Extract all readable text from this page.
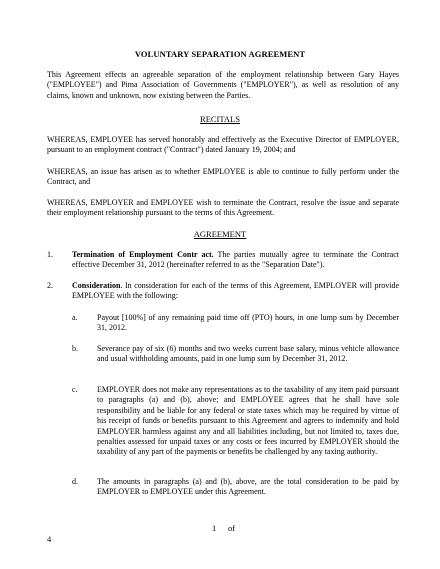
VOLUNTARY SEPARATION AGREEMENT
This Agreement effects an agreeable separation of the employment relationship between Gary Hayes ("EMPLOYEE") and Pima Association of Governments ("EMPLOYER"), as well as resolution of any claims, known and unknown, now existing between the Parties.
RECITALS
WHEREAS, EMPLOYEE has served honorably and effectively as the Executive Director of EMPLOYER, pursuant to an employment contract ("Contract") dated January 19, 2004; and
WHEREAS, an issue has arisen as to whether EMPLOYEE is able to continue to fully perform under the Contract, and
WHEREAS, EMPLOYER and EMPLOYEE wish to terminate the Contract, resolve the issue and separate their employment relationship pursuant to the terms of this Agreement.
AGREEMENT
1.	Termination of Employment Contr act. The parties mutually agree to terminate the Contract effective December 31, 2012 (hereinafter referred to as the "Separation Date").
2.	Consideration. In consideration for each of the terms of this Agreement, EMPLOYER will provide EMPLOYEE with the following:
a.	Payout [100%] of any remaining paid time off (PTO) hours, in one lump sum by December 31, 2012.
b.	Severance pay of six (6) months and two weeks current base salary, minus vehicle allowance and usual withholding amounts, paid in one lump sum by December 31, 2012.
c.	EMPLOYER does not make any representations as to the taxability of any item paid pursuant to paragraphs (a) and (b), above; and EMPLOYEE agrees that he shall have sole responsibility and be liable for any federal or state taxes which may be required by virtue of his receipt of funds or benefits pursuant to this Agreement and agrees to indemnify and hold EMPLOYER harmless against any and all liabilities including, but not limited to, taxes due, penalties assessed for unpaid taxes or any costs or fees incurred by EMPLOYER should the taxability of any part of the payments or benefits be challenged by any taxing authority.
d.	The amounts in paragraphs (a) and (b), above, are the total consideration to be paid by EMPLOYER to EMPLOYEE under this Agreement.
1 of
4
